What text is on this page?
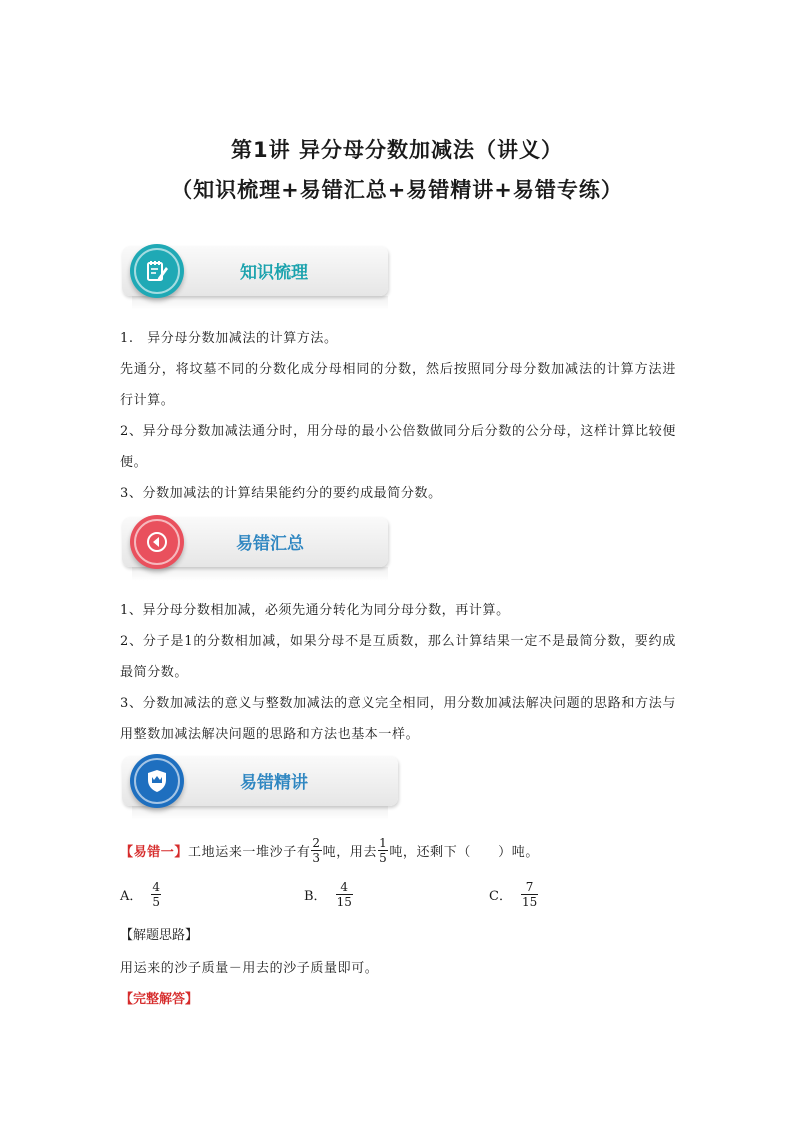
第1讲 异分母分数加减法（讲义）
（知识梳理+易错汇总+易错精讲+易错专练）
知识梳理

1.　异分母分数加减法的计算方法。

先通分，将坟墓不同的分数化成分母相同的分数，然后按照同分母分数加减法的计算方法进行计算。

2、异分母分数加减法通分时，用分母的最小公倍数做同分后分数的公分母，这样计算比较便便。

3、分数加减法的计算结果能约分的要约成最简分数。

易错汇总

1、异分母分数相加减，必须先通分转化为同分母分数，再计算。

2、分子是1的分数相加减，如果分母不是互质数，那么计算结果一定不是最简分数，要约成最简分数。

3、分数加减法的意义与整数加减法的意义完全相同，用分数加减法解决问题的思路和方法与用整数加减法解决问题的思路和方法也基本一样。

易错精讲
【易错一】 工地运来一堆沙子有 $\frac{2}{3}$ 吨，用去 $\frac{1}{5}$ 吨，还剩下（　　）吨。
A． $\frac{4}{5}$	B． $\frac{4}{15}$	C． $\frac{7}{15}$
【解题思路】
用运来的沙子质量－用去的沙子质量即可。
【完整解答】
